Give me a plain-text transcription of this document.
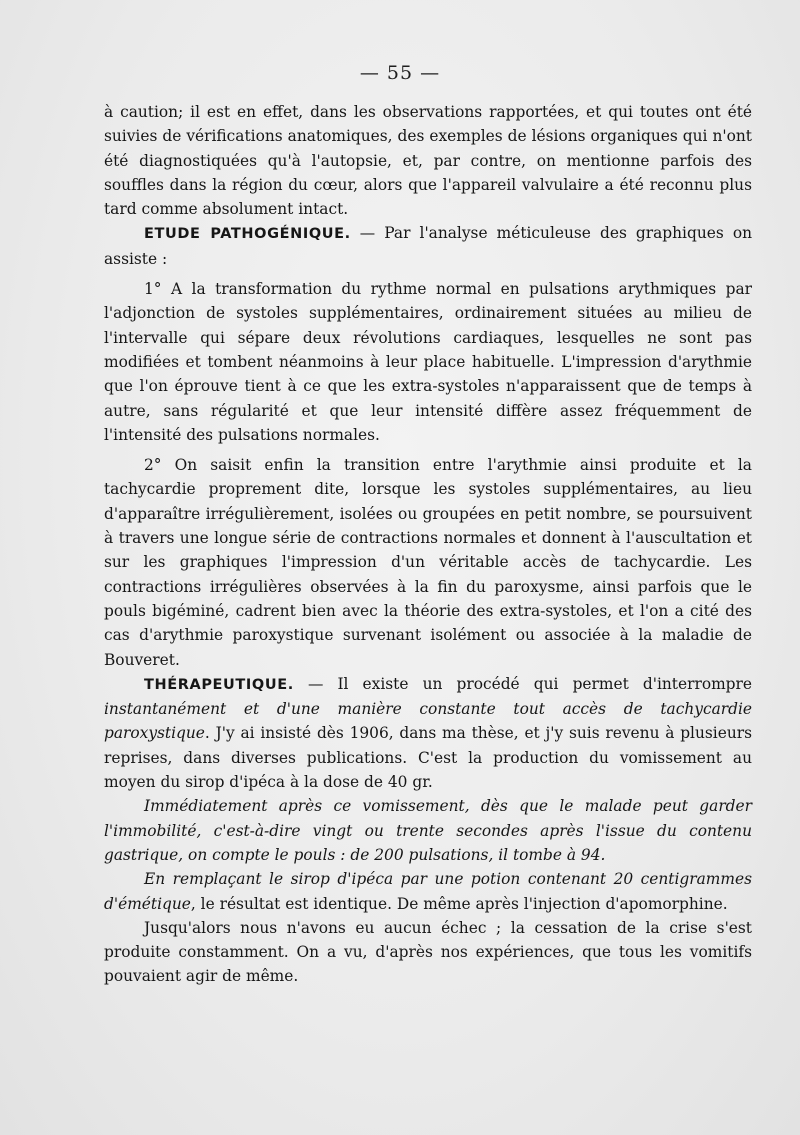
— 55 —

à caution; il est en effet, dans les observations rapportées, et qui toutes ont été suivies de vérifications anatomiques, des exemples de lésions organiques qui n'ont été diagnostiquées qu'à l'autopsie, et, par contre, on mentionne parfois des souffles dans la région du cœur, alors que l'appareil valvulaire a été reconnu plus tard comme absolument intact.

ETUDE PATHOGÉNIQUE. — Par l'analyse méticuleuse des graphiques on assiste :

1° A la transformation du rythme normal en pulsations arythmiques par l'adjonction de systoles supplémentaires, ordinairement situées au milieu de l'intervalle qui sépare deux révolutions cardiaques, lesquelles ne sont pas modifiées et tombent néanmoins à leur place habituelle. L'impression d'arythmie que l'on éprouve tient à ce que les extra-systoles n'apparaissent que de temps à autre, sans régularité et que leur intensité diffère assez fréquemment de l'intensité des pulsations normales.

2° On saisit enfin la transition entre l'arythmie ainsi produite et la tachycardie proprement dite, lorsque les systoles supplémentaires, au lieu d'apparaître irrégulièrement, isolées ou groupées en petit nombre, se poursuivent à travers une longue série de contractions normales et donnent à l'auscultation et sur les graphiques l'impression d'un véritable accès de tachycardie. Les contractions irrégulières observées à la fin du paroxysme, ainsi parfois que le pouls bigéminé, cadrent bien avec la théorie des extra-systoles, et l'on a cité des cas d'arythmie paroxystique survenant isolément ou associée à la maladie de Bouveret.

THÉRAPEUTIQUE. — Il existe un procédé qui permet d'interrompre instantanément et d'une manière constante tout accès de tachycardie paroxystique. J'y ai insisté dès 1906, dans ma thèse, et j'y suis revenu à plusieurs reprises, dans diverses publications. C'est la production du vomissement au moyen du sirop d'ipéca à la dose de 40 gr.

Immédiatement après ce vomissement, dès que le malade peut garder l'immobilité, c'est-à-dire vingt ou trente secondes après l'issue du contenu gastrique, on compte le pouls : de 200 pulsations, il tombe à 94.

En remplaçant le sirop d'ipéca par une potion contenant 20 centigrammes d'émétique, le résultat est identique. De même après l'injection d'apomorphine.

Jusqu'alors nous n'avons eu aucun échec ; la cessation de la crise s'est produite constamment. On a vu, d'après nos expériences, que tous les vomitifs pouvaient agir de même.
